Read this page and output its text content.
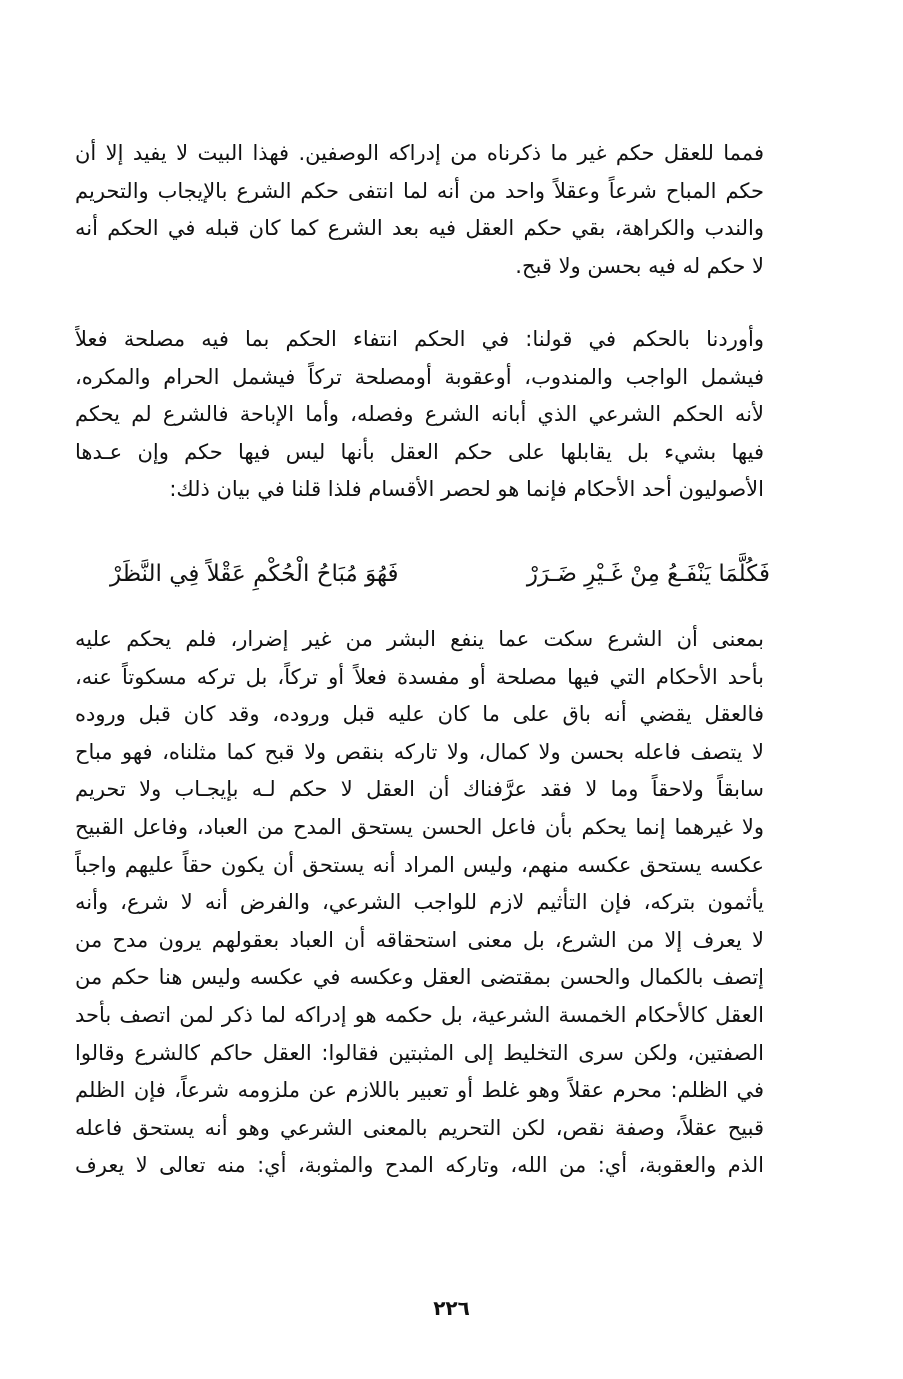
فمما للعقل حكم غير ما ذكرناه من إدراكه الوصفين. فهذا البيت لا يفيد إلا أن
حكم المباح شرعاً وعقلاً واحد من أنه لما انتفى حكم الشرع بالإيجاب والتحريم
والندب والكراهة، بقي حكم العقل فيه بعد الشرع كما كان قبله في الحكم أنه
لا حكم له فيه بحسن ولا قبح.
وأوردنا بالحكم في قولنا: في الحكم انتفاء الحكم بما فيه مصلحة فعلاً
فيشمل الواجب والمندوب، أوعقوبة أومصلحة تركاً فيشمل الحرام والمكره،
لأنه الحكم الشرعي الذي أبانه الشرع وفصله، وأما الإباحة فالشرع لم يحكم
فيها بشيء بل يقابلها على حكم العقل بأنها ليس فيها حكم وإن عـدها
الأصوليون أحد الأحكام فإنما هو لحصر الأقسام فلذا قلنا في بيان ذلك:
فَكُلَّمَا يَنْفَـعُ مِنْ غَـيْرِ ضَـرَرْ
فَهُوَ مُبَاحُ الْحُكْمِ عَقْلاً فِي النَّظَرْ
بمعنى أن الشرع سكت عما ينفع البشر من غير إضرار، فلم يحكم عليه
بأحد الأحكام التي فيها مصلحة أو مفسدة فعلاً أو تركاً، بل تركه مسكوتاً عنه،
فالعقل يقضي أنه باق على ما كان عليه قبل وروده، وقد كان قبل وروده
لا يتصف فاعله بحسن ولا كمال، ولا تاركه بنقص ولا قبح كما مثلناه، فهو مباح
سابقاً ولاحقاً وما لا فقد عرَّفناك أن العقل لا حكم لـه بإيجـاب ولا تحريم
ولا غيرهما إنما يحكم بأن فاعل الحسن يستحق المدح من العباد، وفاعل القبيح
عكسه يستحق عكسه منهم، وليس المراد أنه يستحق أن يكون حقاً عليهم واجباً
يأثمون بتركه، فإن التأثيم لازم للواجب الشرعي، والفرض أنه لا شرع، وأنه
لا يعرف إلا من الشرع، بل معنى استحقاقه أن العباد بعقولهم يرون مدح من
إتصف بالكمال والحسن بمقتضى العقل وعكسه في عكسه وليس هنا حكم من
العقل كالأحكام الخمسة الشرعية، بل حكمه هو إدراكه لما ذكر لمن اتصف بأحد
الصفتين، ولكن سرى التخليط إلى المثبتين فقالوا: العقل حاكم كالشرع وقالوا
في الظلم: محرم عقلاً وهو غلط أو تعبير باللازم عن ملزومه شرعاً، فإن الظلم
قبيح عقلاً، وصفة نقص، لكن التحريم بالمعنى الشرعي وهو أنه يستحق فاعله
الذم والعقوبة، أي: من الله، وتاركه المدح والمثوبة، أي: منه تعالى لا يعرف
٢٢٦
